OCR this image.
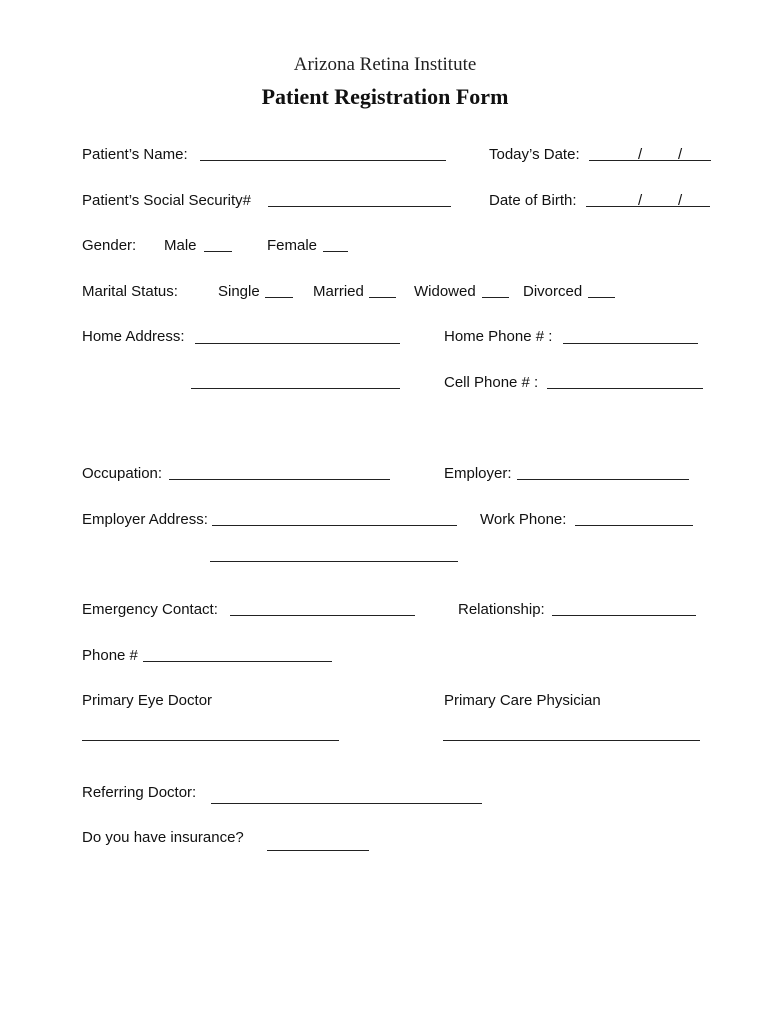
Arizona Retina Institute
Patient Registration Form
Patient’s Name:	Today’s Date:	/ /
Patient’s Social Security#	Date of Birth:	/ /
Gender: Male	Female
Marital Status:	Single	Married	Widowed	Divorced
Home Address:	Home Phone # :
Cell Phone # :
Occupation:	Employer:
Employer Address:	Work Phone:
Emergency Contact:	Relationship:
Phone #
Primary Eye Doctor	Primary Care Physician
Referring Doctor:
Do you have insurance?
